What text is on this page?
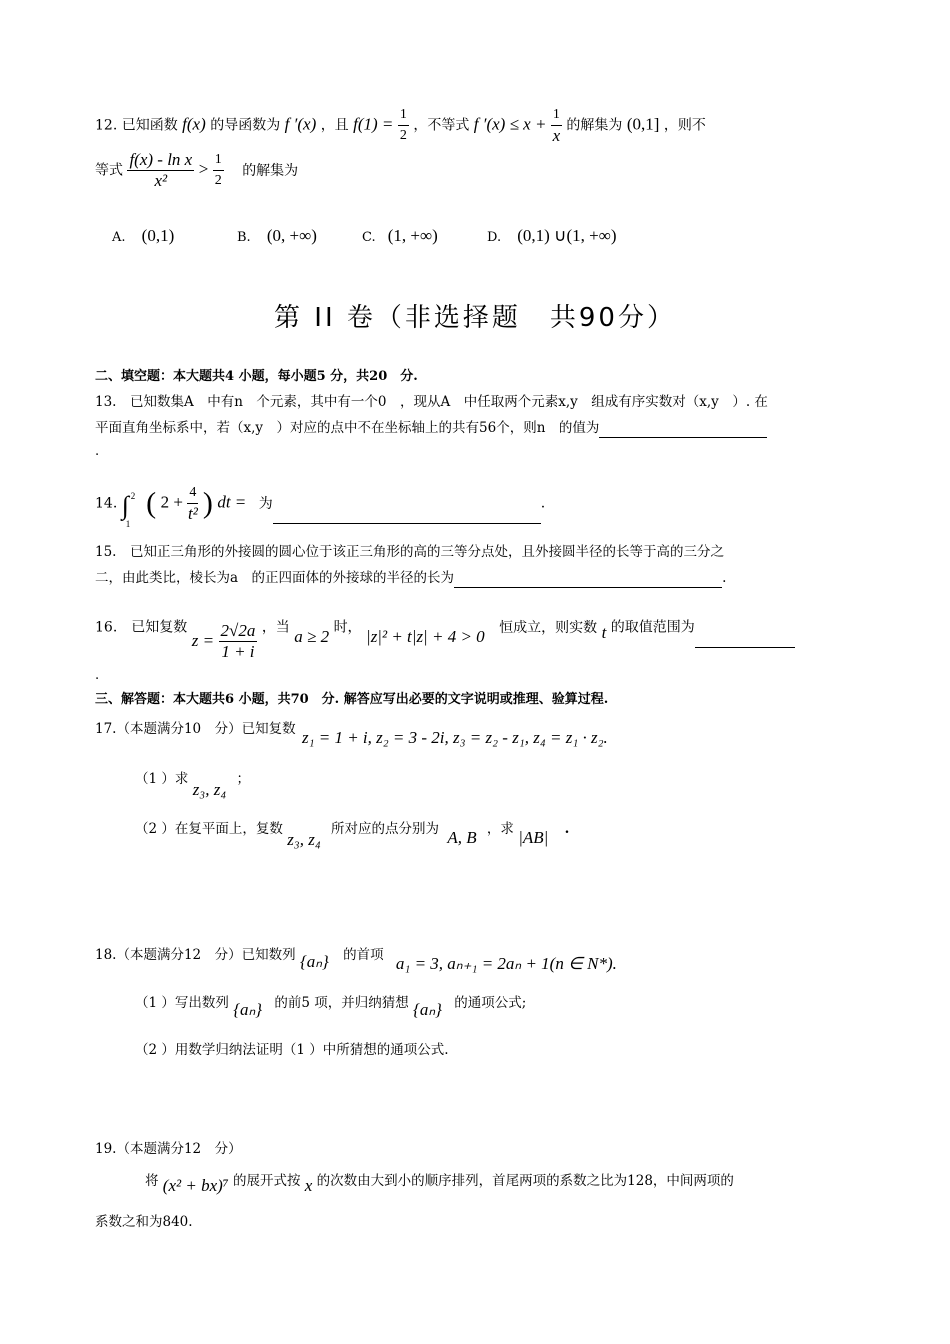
12. 已知函数 f(x) 的导函数为 f ′(x) ，且 $f(1) = \frac{1}{2}$ ，不等式 f $'(x) \le x + \frac{1}{x}$ 的解集为 (0,1] ，则不
等式 $\frac{\text{f(x) - ln x}}{\text{x²}} > \frac{1}{2}$ 的解集为
A. (0,1)	B. (0, +∞)	C. (1, +∞)	D. (0,1) ∪(1, +∞)
第 II 卷（非选择题　共90分）
二、填空题：本大题共4 小题，每小题5 分，共20　分.
13.　已知数集A　中有n　个元素，其中有一个0　，现从A　中任取两个元素x,y　组成有序实数对（x,y　）. 在
平面直角坐标系中，若（x,y　）对应的点中不在坐标轴上的共有56个，则n　的值为
.
14. ∫ 2
1
( $2 + \frac{4}{\text{t²}}$ ) dt = 为	.
15.　已知正三角形的外接圆的圆心位于该正三角形的高的三等分点处，且外接圆半径的长等于高的三分之
二，由此类比，棱长为a　的正四面体的外接球的半径的长为	.
16.　已知复数 $z = \frac{2√2a}{1 + i}$ ，当 a ≥ 2 时， |z|² + t|z| + 4 > 0 恒成立，则实数 t 的取值范围为
.
三、解答题：本大题共6 小题，共70　分. 解答应写出必要的文字说明或推理、验算过程.
17.（本题满分10　分）已知复数 z₁ = 1 + i, z₂ = 3 - 2i, z₃ = z₂ - z₁, z₄ = z₁ · z₂.
（1 ）求 z₃, z₄ ；
（2 ）在复平面上，复数 z₃, z₄ 所对应的点分别为 A, B ，求 |AB| .
18.（本题满分12　分）已知数列 {aₙ} 的首项 a₁ = 3, aₙ₊₁ = 2aₙ + 1(n ∈ N*).
（1 ）写出数列 {aₙ} 的前5 项，并归纳猜想 {aₙ} 的通项公式;
（2 ）用数学归纳法证明（1 ）中所猜想的通项公式.
19.（本题满分12　分）
将 (x² + bx)⁷ 的展开式按 x 的次数由大到小的顺序排列，首尾两项的系数之比为128，中间两项的
系数之和为840.
